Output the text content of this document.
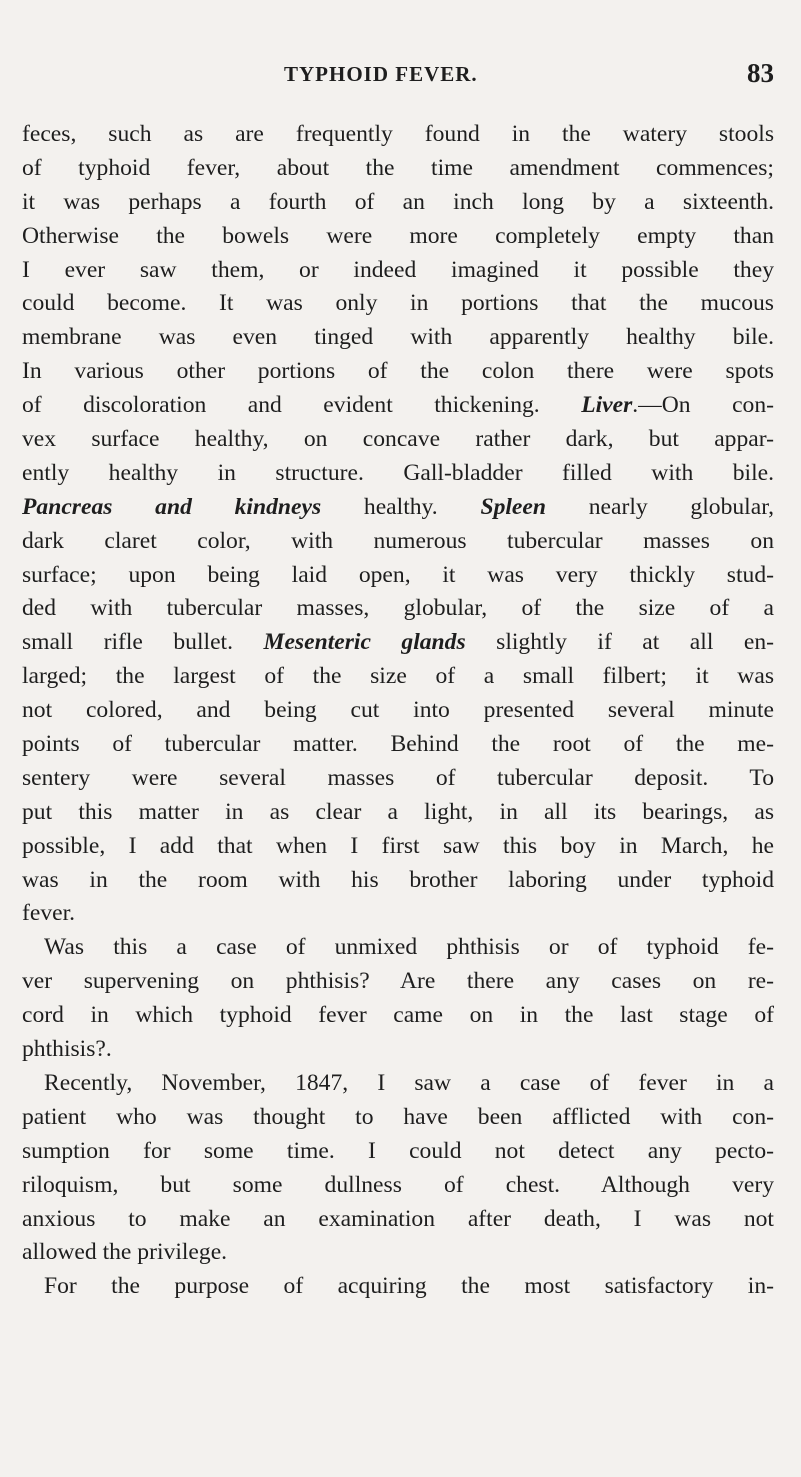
TYPHOID FEVER.	83
feces, such as are frequently found in the watery stools
of typhoid fever, about the time amendment commences;
it was perhaps a fourth of an inch long by a sixteenth.
Otherwise the bowels were more completely empty than
I ever saw them, or indeed imagined it possible they
could become. It was only in portions that the mucous
membrane was even tinged with apparently healthy bile.
In various other portions of the colon there were spots
of discoloration and evident thickening. Liver.—On con-
vex surface healthy, on concave rather dark, but appar-
ently healthy in structure. Gall-bladder filled with bile.
Pancreas and kindneys healthy. Spleen nearly globular,
dark claret color, with numerous tubercular masses on
surface; upon being laid open, it was very thickly stud-
ded with tubercular masses, globular, of the size of a
small rifle bullet. Mesenteric glands slightly if at all en-
larged; the largest of the size of a small filbert; it was
not colored, and being cut into presented several minute
points of tubercular matter. Behind the root of the me-
sentery were several masses of tubercular deposit. To
put this matter in as clear a light, in all its bearings, as
possible, I add that when I first saw this boy in March, he
was in the room with his brother laboring under typhoid
fever.
Was this a case of unmixed phthisis or of typhoid fe-
ver supervening on phthisis? Are there any cases on re-
cord in which typhoid fever came on in the last stage of
phthisis?.
Recently, November, 1847, I saw a case of fever in a
patient who was thought to have been afflicted with con-
sumption for some time. I could not detect any pecto-
riloquism, but some dullness of chest. Although very
anxious to make an examination after death, I was not
allowed the privilege.
For the purpose of acquiring the most satisfactory in-
